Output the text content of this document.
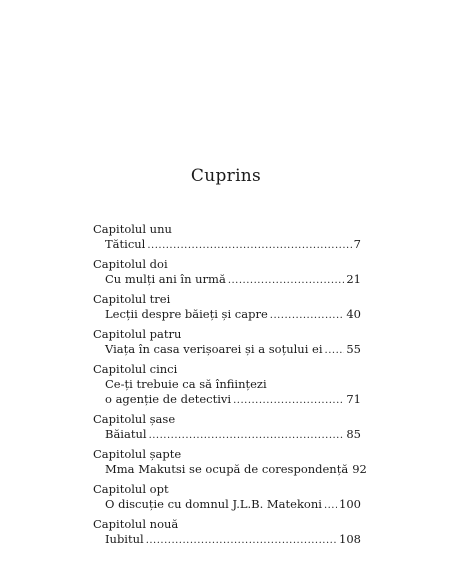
Cuprins
Capitolul unu
Tăticul .....	7
Capitolul doi
Cu mulți ani în urmă .....	21
Capitolul trei
Lecții despre băieți și capre .....	40
Capitolul patru
Viața în casa verișoarei și a soțului ei ..... 55
Capitolul cinci
Ce-ți trebuie ca să înființezi
o agenție de detectivi .....	71
Capitolul șase
Băiatul .....	85
Capitolul șapte
Mma Makutsi se ocupă de corespondență 92
Capitolul opt
O discuție cu domnul J.L.B. Matekoni ..... 100
Capitolul nouă
Iubitul .....	108
